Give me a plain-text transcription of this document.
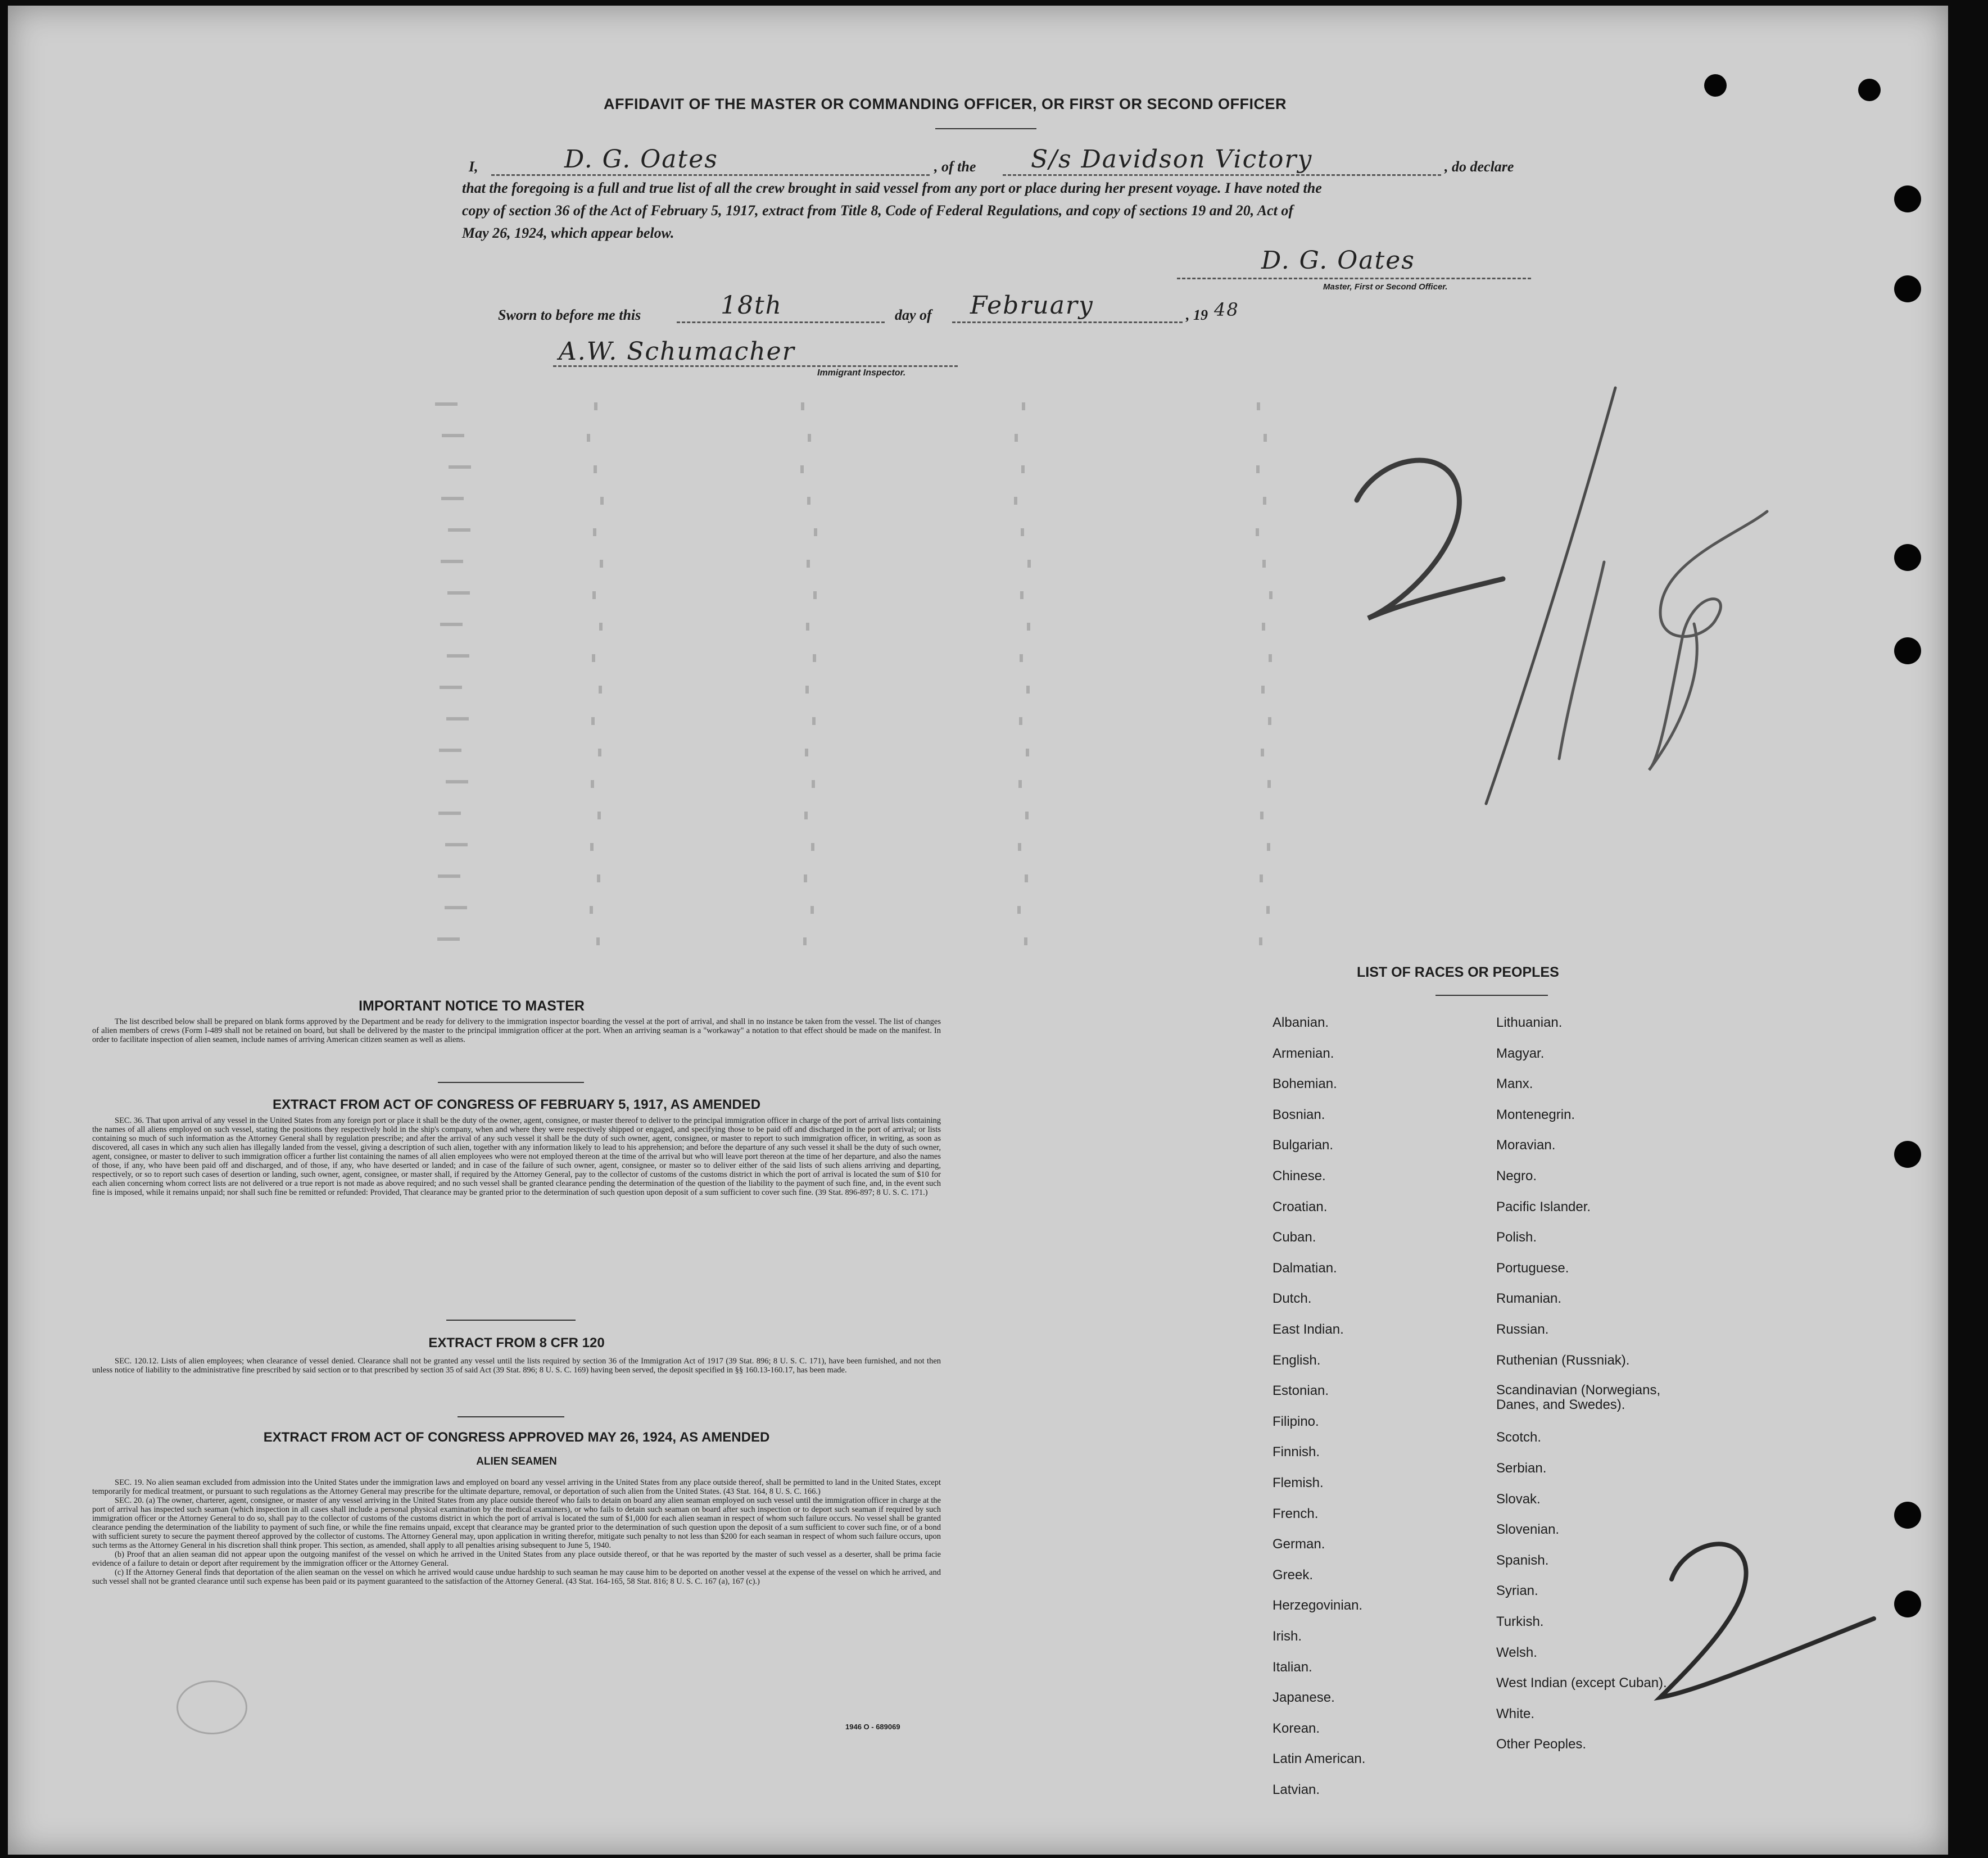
AFFIDAVIT OF THE MASTER OR COMMANDING OFFICER, OR FIRST OR SECOND OFFICER
I,	D. G. Oates	, of the S/s Davidson Victory	, do declare
that the foregoing is a full and true list of all the crew brought in said vessel from any port or place during her present voyage. I have noted the
copy of section 36 of the Act of February 5, 1917, extract from Title 8, Code of Federal Regulations, and copy of sections 19 and 20, Act of
May 26, 1924, which appear below.
D. G. Oates
Master, First or Second Officer.
Sworn to before me this	18th	day of February	, 19 48
A.W. Schumacher
Immigrant Inspector.
2/18
2
IMPORTANT NOTICE TO MASTER

The list described below shall be prepared on blank forms approved by the Department and be ready for delivery to the immigration inspector boarding the vessel at the port of arrival, and shall in no instance be taken from the vessel. The list of changes of alien members of crews (Form I-489 shall not be retained on board, but shall be delivered by the master to the principal immigration officer at the port. When an arriving seaman is a "workaway" a notation to that effect should be made on the manifest. In order to facilitate inspection of alien seamen, include names of arriving American citizen seamen as well as aliens.

EXTRACT FROM ACT OF CONGRESS OF FEBRUARY 5, 1917, AS AMENDED

SEC. 36. That upon arrival of any vessel in the United States from any foreign port or place it shall be the duty of the owner, agent, consignee, or master thereof to deliver to the principal immigration officer in charge of the port of arrival lists containing the names of all aliens employed on such vessel, stating the positions they respectively hold in the ship's company, when and where they were respectively shipped or engaged, and specifying those to be paid off and discharged in the port of arrival; or lists containing so much of such information as the Attorney General shall by regulation prescribe; and after the arrival of any such vessel it shall be the duty of such owner, agent, consignee, or master to report to such immigration officer, in writing, as soon as discovered, all cases in which any such alien has illegally landed from the vessel, giving a description of such alien, together with any information likely to lead to his apprehension; and before the departure of any such vessel it shall be the duty of such owner, agent, consignee, or master to deliver to such immigration officer a further list containing the names of all alien employees who were not employed thereon at the time of the arrival but who will leave port thereon at the time of her departure, and also the names of those, if any, who have been paid off and discharged, and of those, if any, who have deserted or landed; and in case of the failure of such owner, agent, consignee, or master so to deliver either of the said lists of such aliens arriving and departing, respectively, or so to report such cases of desertion or landing, such owner, agent, consignee, or master shall, if required by the Attorney General, pay to the collector of customs of the customs district in which the port of arrival is located the sum of $10 for each alien concerning whom correct lists are not delivered or a true report is not made as above required; and no such vessel shall be granted clearance pending the determination of the question of the liability to the payment of such fine, and, in the event such fine is imposed, while it remains unpaid; nor shall such fine be remitted or refunded: Provided, That clearance may be granted prior to the determination of such question upon deposit of a sum sufficient to cover such fine. (39 Stat. 896-897; 8 U. S. C. 171.)

EXTRACT FROM 8 CFR 120

SEC. 120.12. Lists of alien employees; when clearance of vessel denied. Clearance shall not be granted any vessel until the lists required by section 36 of the Immigration Act of 1917 (39 Stat. 896; 8 U. S. C. 171), have been furnished, and not then unless notice of liability to the administrative fine prescribed by said section or to that prescribed by section 35 of said Act (39 Stat. 896; 8 U. S. C. 169) having been served, the deposit specified in §§ 160.13-160.17, has been made.

EXTRACT FROM ACT OF CONGRESS APPROVED MAY 26, 1924, AS AMENDED
ALIEN SEAMEN

SEC. 19. No alien seaman excluded from admission into the United States under the immigration laws and employed on board any vessel arriving in the United States from any place outside thereof, shall be permitted to land in the United States, except temporarily for medical treatment, or pursuant to such regulations as the Attorney General may prescribe for the ultimate departure, removal, or deportation of such alien from the United States. (43 Stat. 164, 8 U. S. C. 166.)

SEC. 20. (a) The owner, charterer, agent, consignee, or master of any vessel arriving in the United States from any place outside thereof who fails to detain on board any alien seaman employed on such vessel until the immigration officer in charge at the port of arrival has inspected such seaman (which inspection in all cases shall include a personal physical examination by the medical examiners), or who fails to detain such seaman on board after such inspection or to deport such seaman if required by such immigration officer or the Attorney General to do so, shall pay to the collector of customs of the customs district in which the port of arrival is located the sum of $1,000 for each alien seaman in respect of whom such failure occurs. No vessel shall be granted clearance pending the determination of the liability to payment of such fine, or while the fine remains unpaid, except that clearance may be granted prior to the determination of such question upon the deposit of a sum sufficient to cover such fine, or of a bond with sufficient surety to secure the payment thereof approved by the collector of customs. The Attorney General may, upon application in writing therefor, mitigate such penalty to not less than $200 for each seaman in respect of whom such failure occurs, upon such terms as the Attorney General in his discretion shall think proper. This section, as amended, shall apply to all penalties arising subsequent to June 5, 1940.

(b) Proof that an alien seaman did not appear upon the outgoing manifest of the vessel on which he arrived in the United States from any place outside thereof, or that he was reported by the master of such vessel as a deserter, shall be prima facie evidence of a failure to detain or deport after requirement by the immigration officer or the Attorney General.

(c) If the Attorney General finds that deportation of the alien seaman on the vessel on which he arrived would cause undue hardship to such seaman he may cause him to be deported on another vessel at the expense of the vessel on which he arrived, and such vessel shall not be granted clearance until such expense has been paid or its payment guaranteed to the satisfaction of the Attorney General. (43 Stat. 164-165, 58 Stat. 816; 8 U. S. C. 167 (a), 167 (c).)

1946 O - 689069
LIST OF RACES OR PEOPLES
Albanian.
Armenian.
Bohemian.
Bosnian.
Bulgarian.
Chinese.
Croatian.
Cuban.
Dalmatian.
Dutch.
East Indian.
English.
Estonian.
Filipino.
Finnish.
Flemish.
French.
German.
Greek.
Herzegovinian.
Irish.
Italian.
Japanese.
Korean.
Latin American.
Latvian.
Lithuanian.
Magyar.
Manx.
Montenegrin.
Moravian.
Negro.
Pacific Islander.
Polish.
Portuguese.
Rumanian.
Russian.
Ruthenian (Russniak).
Scandinavian (Norwegians, Danes, and Swedes).
Scotch.
Serbian.
Slovak.
Slovenian.
Spanish.
Syrian.
Turkish.
Welsh.
West Indian (except Cuban).
White.
Other Peoples.
